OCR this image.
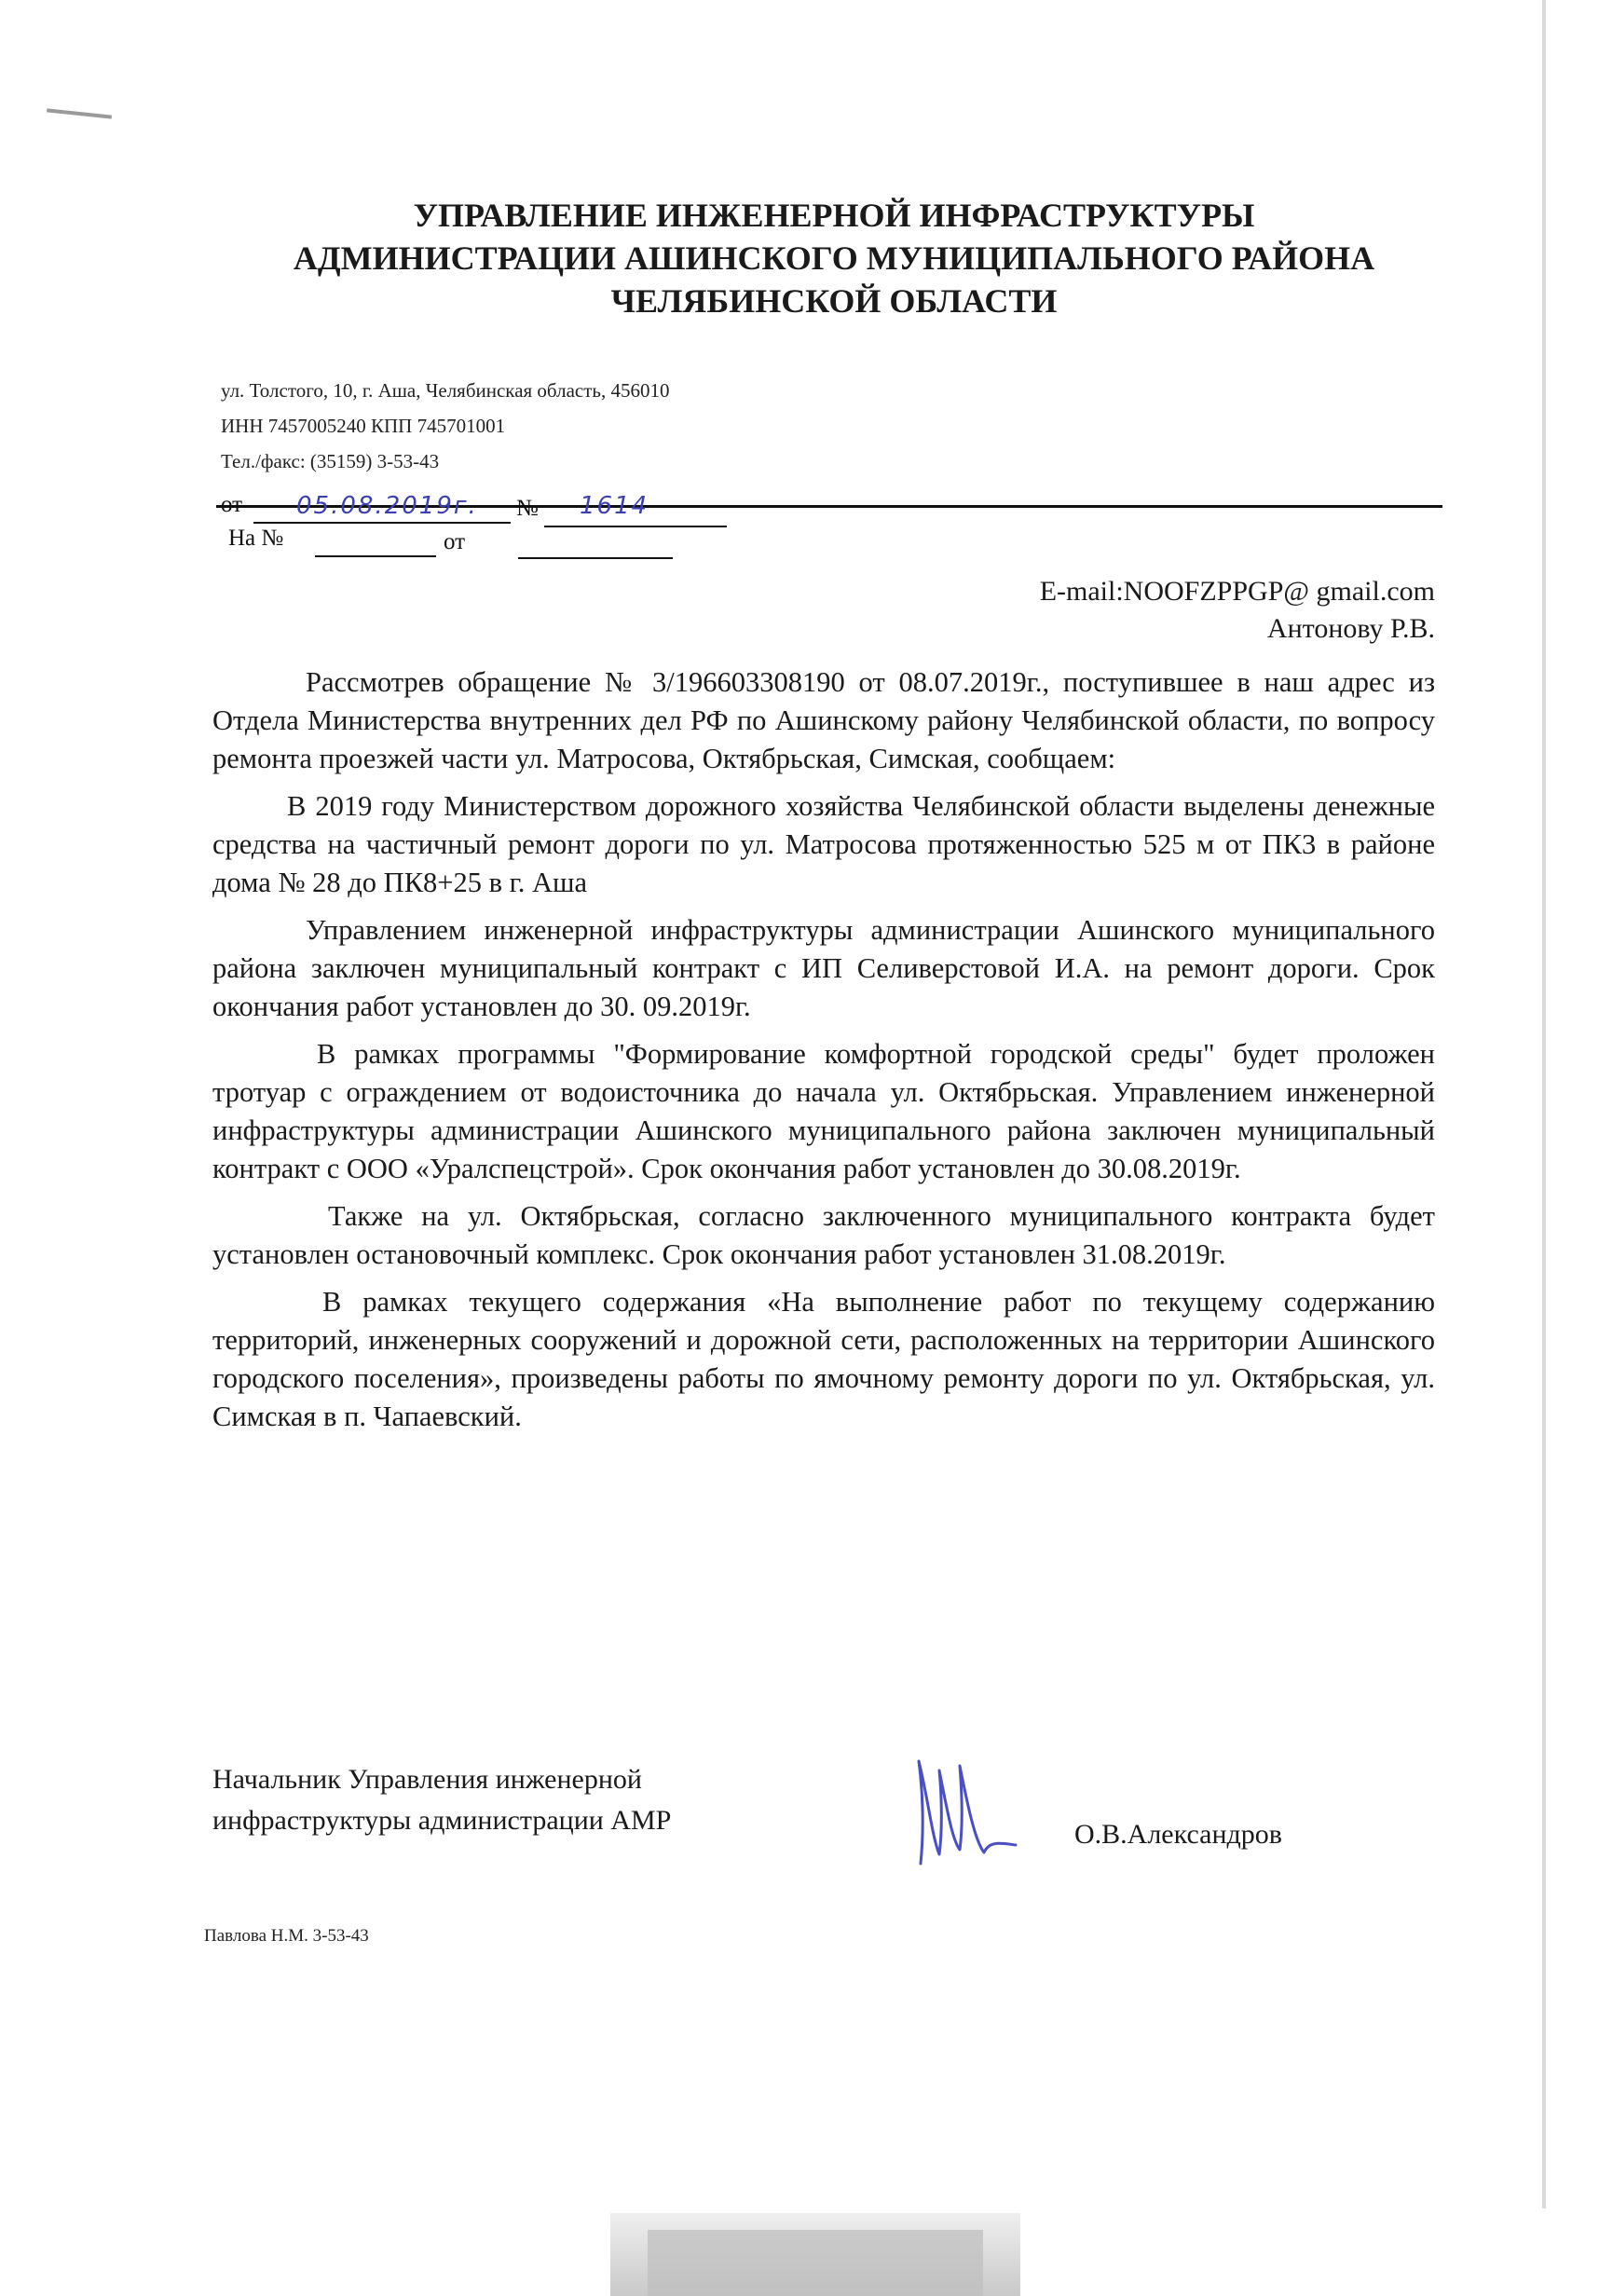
УПРАВЛЕНИЕ ИНЖЕНЕРНОЙ ИНФРАСТРУКТУРЫ
АДМИНИСТРАЦИИ АШИНСКОГО МУНИЦИПАЛЬНОГО РАЙОНА
ЧЕЛЯБИНСКОЙ ОБЛАСТИ
ул. Толстого, 10, г. Аша, Челябинская область, 456010
ИНН 7457005240 КПП 745701001
Тел./факс: (35159) 3-53-43
от 05.08.2019г. № 1614
На №	от
E-mail:NOOFZPPGP@ gmail.com
Антонову Р.В.

Рассмотрев обращение № 3/196603308190 от 08.07.2019г., поступившее в наш адрес из Отдела Министерства внутренних дел РФ по Ашинскому району Челябинской области, по вопросу ремонта проезжей части ул. Матросова, Октябрьская, Симская, сообщаем:

В 2019 году Министерством дорожного хозяйства Челябинской области выделены денежные средства на частичный ремонт дороги по ул. Матросова протяженностью 525 м от ПК3 в районе дома № 28 до ПК8+25 в г. Аша

Управлением инженерной инфраструктуры администрации Ашинского муниципального района заключен муниципальный контракт с ИП Селиверстовой И.А. на ремонт дороги. Срок окончания работ установлен до 30. 09.2019г.

В рамках программы "Формирование комфортной городской среды" будет проложен тротуар с ограждением от водоисточника до начала ул. Октябрьская. Управлением инженерной инфраструктуры администрации Ашинского муниципального района заключен муниципальный контракт с ООО «Уралспецстрой». Срок окончания работ установлен до 30.08.2019г.

Также на ул. Октябрьская, согласно заключенного муниципального контракта будет установлен остановочный комплекс. Срок окончания работ установлен 31.08.2019г.

В рамках текущего содержания «На выполнение работ по текущему содержанию территорий, инженерных сооружений и дорожной сети, расположенных на территории Ашинского городского поселения», произведены работы по ямочному ремонту дороги по ул. Октябрьская, ул. Симская в п. Чапаевский.

Начальник Управления инженерной
инфраструктуры администрации АМР	О.В.Александров
Павлова Н.М. 3-53-43
